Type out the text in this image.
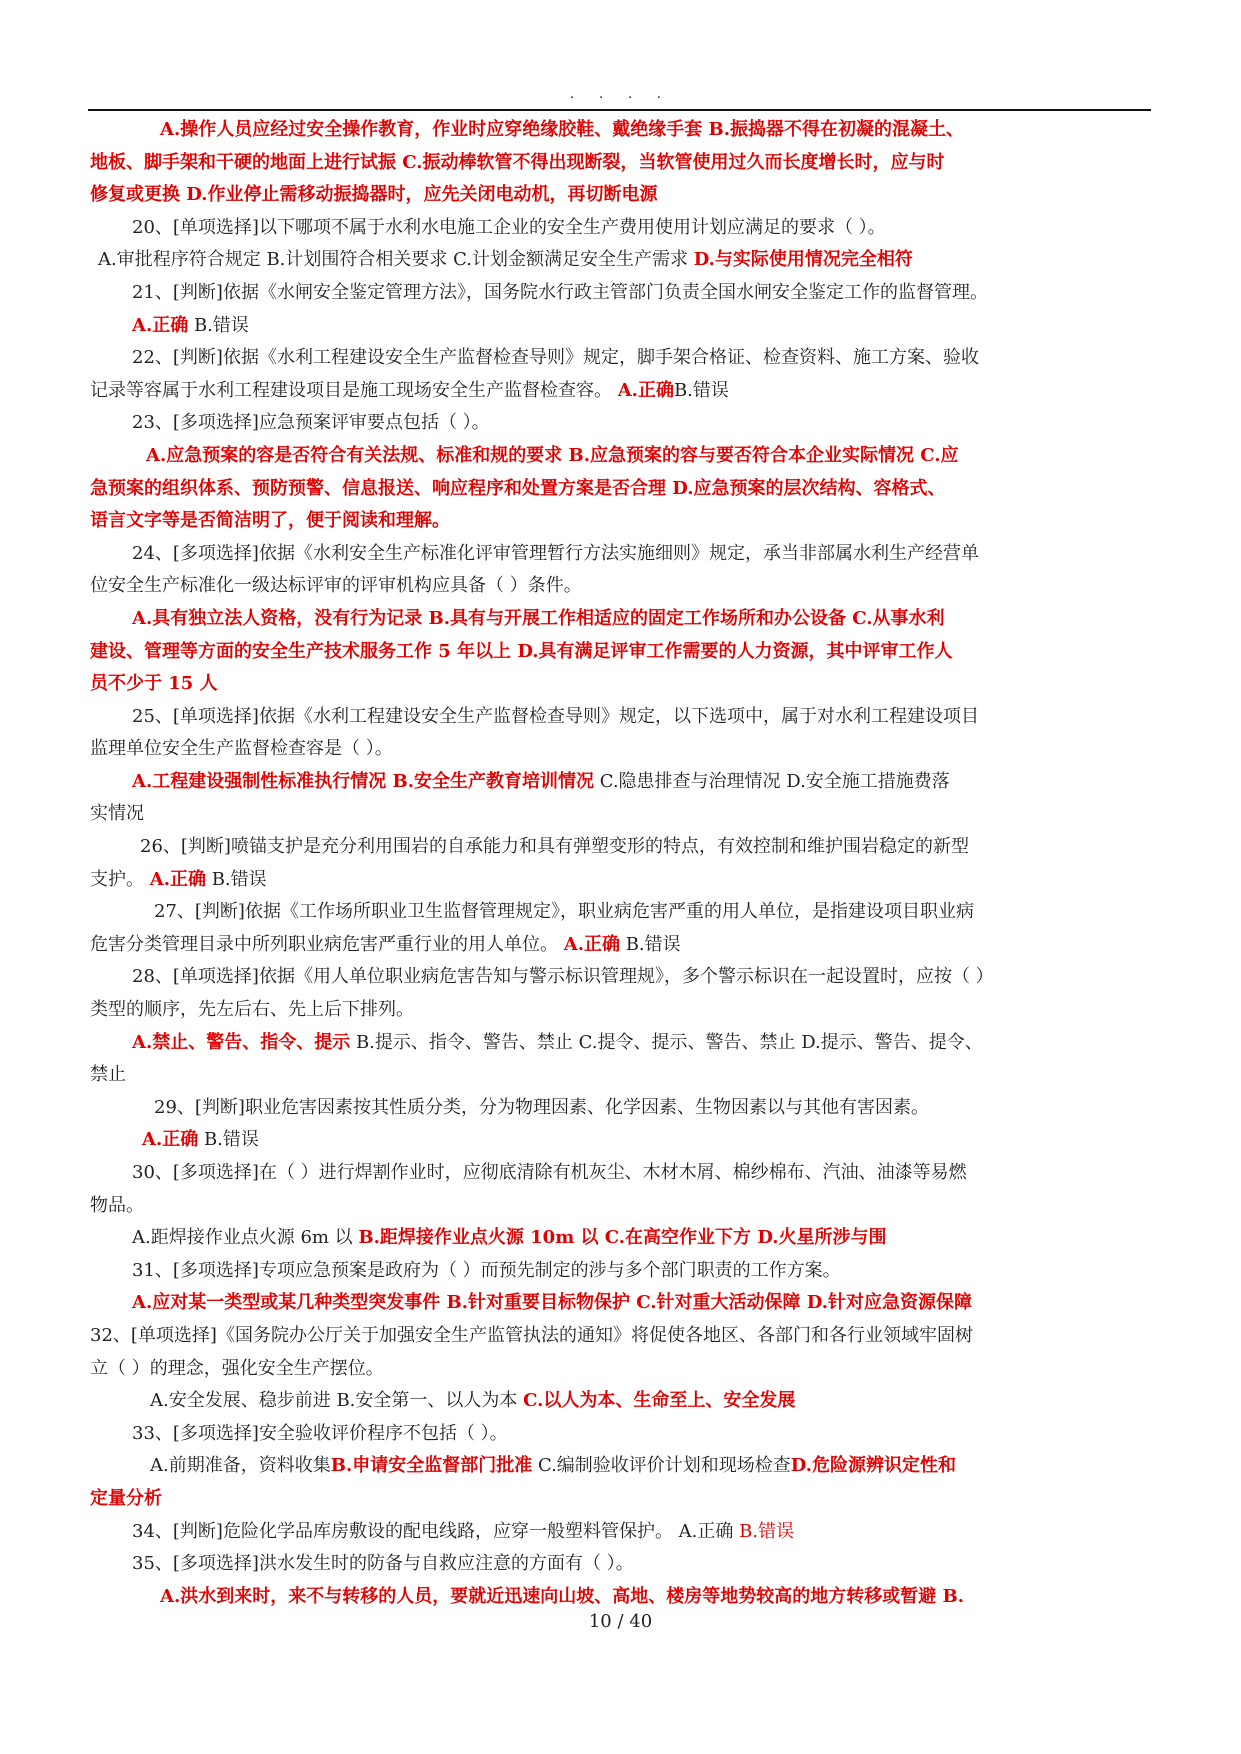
. . . .
A.操作人员应经过安全操作教育，作业时应穿绝缘胶鞋、戴绝缘手套 B.振捣器不得在初凝的混凝土、
地板、脚手架和干硬的地面上进行试振 C.振动棒软管不得出现断裂，当软管使用过久而长度增长时，应与时
修复或更换 D.作业停止需移动振捣器时，应先关闭电动机，再切断电源
20、[单项选择]以下哪项不属于水利水电施工企业的安全生产费用使用计划应满足的要求（ ）。
A.审批程序符合规定 B.计划围符合相关要求 C.计划金额满足安全生产需求 D.与实际使用情况完全相符
21、[判断]依据《水闸安全鉴定管理方法》，国务院水行政主管部门负责全国水闸安全鉴定工作的监督管理。
A.正确 B.错误
22、[判断]依据《水利工程建设安全生产监督检查导则》规定，脚手架合格证、检查资料、施工方案、验收
记录等容属于水利工程建设项目是施工现场安全生产监督检查容。 A.正确B.错误
23、[多项选择]应急预案评审要点包括（ ）。
A.应急预案的容是否符合有关法规、标准和规的要求 B.应急预案的容与要否符合本企业实际情况 C.应
急预案的组织体系、预防预警、信息报送、响应程序和处置方案是否合理 D.应急预案的层次结构、容格式、
语言文字等是否简洁明了，便于阅读和理解。
24、[多项选择]依据《水利安全生产标准化评审管理暂行方法实施细则》规定，承当非部属水利生产经营单
位安全生产标准化一级达标评审的评审机构应具备（ ）条件。
A.具有独立法人资格，没有行为记录 B.具有与开展工作相适应的固定工作场所和办公设备 C.从事水利
建设、管理等方面的安全生产技术服务工作 5 年以上 D.具有满足评审工作需要的人力资源，其中评审工作人
员不少于 15 人
25、[单项选择]依据《水利工程建设安全生产监督检查导则》规定，以下选项中，属于对水利工程建设项目
监理单位安全生产监督检查容是（ ）。
A.工程建设强制性标准执行情况 B.安全生产教育培训情况 C.隐患排查与治理情况 D.安全施工措施费落
实情况
26、[判断]喷锚支护是充分利用围岩的自承能力和具有弹塑变形的特点，有效控制和维护围岩稳定的新型
支护。 A.正确 B.错误
27、[判断]依据《工作场所职业卫生监督管理规定》，职业病危害严重的用人单位，是指建设项目职业病
危害分类管理目录中所列职业病危害严重行业的用人单位。 A.正确 B.错误
28、[单项选择]依据《用人单位职业病危害告知与警示标识管理规》，多个警示标识在一起设置时，应按（ ）
类型的顺序，先左后右、先上后下排列。
A.禁止、警告、指令、提示 B.提示、指令、警告、禁止 C.提令、提示、警告、禁止 D.提示、警告、提令、
禁止
29、[判断]职业危害因素按其性质分类，分为物理因素、化学因素、生物因素以与其他有害因素。
A.正确 B.错误
30、[多项选择]在（ ）进行焊割作业时，应彻底清除有机灰尘、木材木屑、棉纱棉布、汽油、油漆等易燃
物品。
A.距焊接作业点火源 6m 以 B.距焊接作业点火源 10m 以 C.在高空作业下方 D.火星所涉与围
31、[多项选择]专项应急预案是政府为（ ）而预先制定的涉与多个部门职责的工作方案。
A.应对某一类型或某几种类型突发事件 B.针对重要目标物保护 C.针对重大活动保障 D.针对应急资源保障
32、[单项选择]《国务院办公厅关于加强安全生产监管执法的通知》将促使各地区、各部门和各行业领域牢固树
立（ ）的理念，强化安全生产摆位。
A.安全发展、稳步前进 B.安全第一、以人为本 C.以人为本、生命至上、安全发展
33、[多项选择]安全验收评价程序不包括（ ）。
A.前期准备，资料收集B.申请安全监督部门批准 C.编制验收评价计划和现场检查D.危险源辨识定性和
定量分析
34、[判断]危险化学品库房敷设的配电线路，应穿一般塑料管保护。 A.正确 B.错误
35、[多项选择]洪水发生时的防备与自救应注意的方面有（ ）。
A.洪水到来时，来不与转移的人员，要就近迅速向山坡、高地、楼房等地势较高的地方转移或暂避 B.
10 / 40
